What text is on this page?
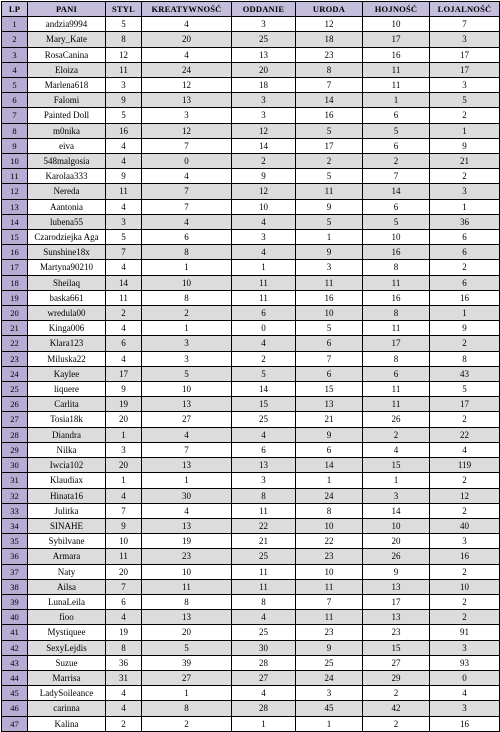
LP	PANI	STYL	KREATYWNOŚĆ	ODDANIE	URODA	HOJNOŚĆ	LOJALNOŚĆ
1	andzia9994	5	4	3	12	10	7
2	Mary_Kate	8	20	25	18	17	3
3	RosaCanina	12	4	13	23	16	17
4	Eloiza	11	24	20	8	11	17
5	Marlena618	3	12	18	7	11	3
6	Falomi	9	13	3	14	1	5
7	Painted Doll	5	3	3	16	6	2
8	m0nika	16	12	12	5	5	1
9	eiva	4	7	14	17	6	9
10	548malgosia	4	0	2	2	2	21
11	Karolaa333	9	4	9	5	7	2
12	Nereda	11	7	12	11	14	3
13	Aantonia	4	7	10	9	6	1
14	lubena55	3	4	4	5	5	36
15	Czarodziejka Aga	5	6	3	1	10	6
16	Sunshine18x	7	8	4	9	16	6
17	Martyna90210	4	1	1	3	8	2
18	Sheilaq	14	10	11	11	11	6
19	baska661	11	8	11	16	16	16
20	wredula00	2	2	6	10	8	1
21	Kinga006	4	1	0	5	11	9
22	Klara123	6	3	4	6	17	2
23	Miluska22	4	3	2	7	8	8
24	Kaylee	17	5	5	6	6	43
25	liquere	9	10	14	15	11	5
26	Carlita	19	13	15	13	11	17
27	Tosia18k	20	27	25	21	26	2
28	Diandra	1	4	4	9	2	22
29	Nilka	3	7	6	6	4	4
30	Iwcia102	20	13	13	14	15	119
31	Klaudiax	1	1	3	1	1	2
32	Hinata16	4	30	8	24	3	12
33	Julitka	7	4	11	8	14	2
34	SINAHE	9	13	22	10	10	40
35	Sybilvane	10	19	21	22	20	3
36	Armara	11	23	25	23	26	16
37	Naty	20	10	11	10	9	2
38	Ailsa	7	11	11	11	13	10
39	LunaLeila	6	8	8	7	17	2
40	fioo	4	13	4	11	13	2
41	Mystiquee	19	20	25	23	23	91
42	SexyLejdis	8	5	30	9	15	3
43	Suzue	36	39	28	25	27	93
44	Marrisa	31	27	27	24	29	0
45	LadySoileance	4	1	4	3	2	4
46	carinna	4	8	28	45	42	3
47	Kalina	2	2	1	1	2	16
